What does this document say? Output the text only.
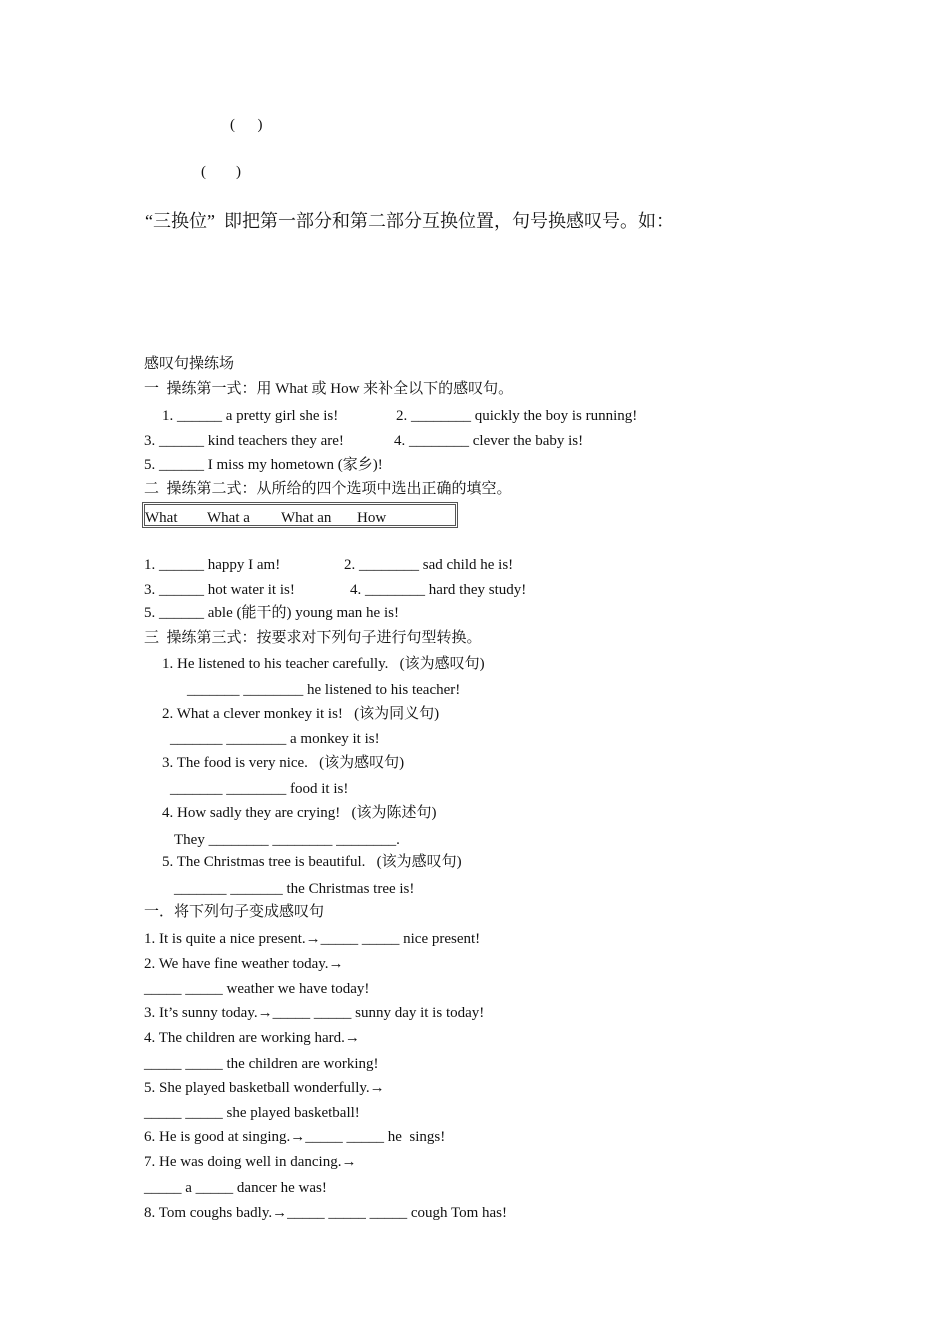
(      )
(        )
“三换位”  即把第一部分和第二部分互换位置，句号换感叹号。如：
感叹句操练场
一  操练第一式：用 What 或 How 来补全以下的感叹句。
1. ______ a pretty girl she is!	2. ________ quickly the boy is running!
3. ______ kind teachers they are!	4. ________ clever the baby is!
5. ______ I miss my hometown (家乡)!
二  操练第二式：从所给的四个选项中选出正确的填空。
What What a What an How
1. ______ happy I am!	2. ________ sad child he is!
3. ______ hot water it is!	4. ________ hard they study!
5. ______ able (能干的) young man he is!
三  操练第三式：按要求对下列句子进行句型转换。
1. He listened to his teacher carefully.   (该为感叹句)
_______ ________ he listened to his teacher!
2. What a clever monkey it is!   (该为同义句)
_______ ________ a monkey it is!
3. The food is very nice.   (该为感叹句)
_______ ________ food it is!
4. How sadly they are crying!   (该为陈述句)
They ________ ________ ________.
5. The Christmas tree is beautiful.   (该为感叹句)
_______ _______ the Christmas tree is!
一．将下列句子变成感叹句
1. It is quite a nice present.→_____ _____ nice present!
2. We have fine weather today.→
_____ _____ weather we have today!
3. It’s sunny today.→_____ _____ sunny day it is today!
4. The children are working hard.→
_____ _____ the children are working!
5. She played basketball wonderfully.→
_____ _____ she played basketball!
6. He is good at singing.→_____ _____ he  sings!
7. He was doing well in dancing.→
_____ a _____ dancer he was!
8. Tom coughs badly.→_____ _____ _____ cough Tom has!
